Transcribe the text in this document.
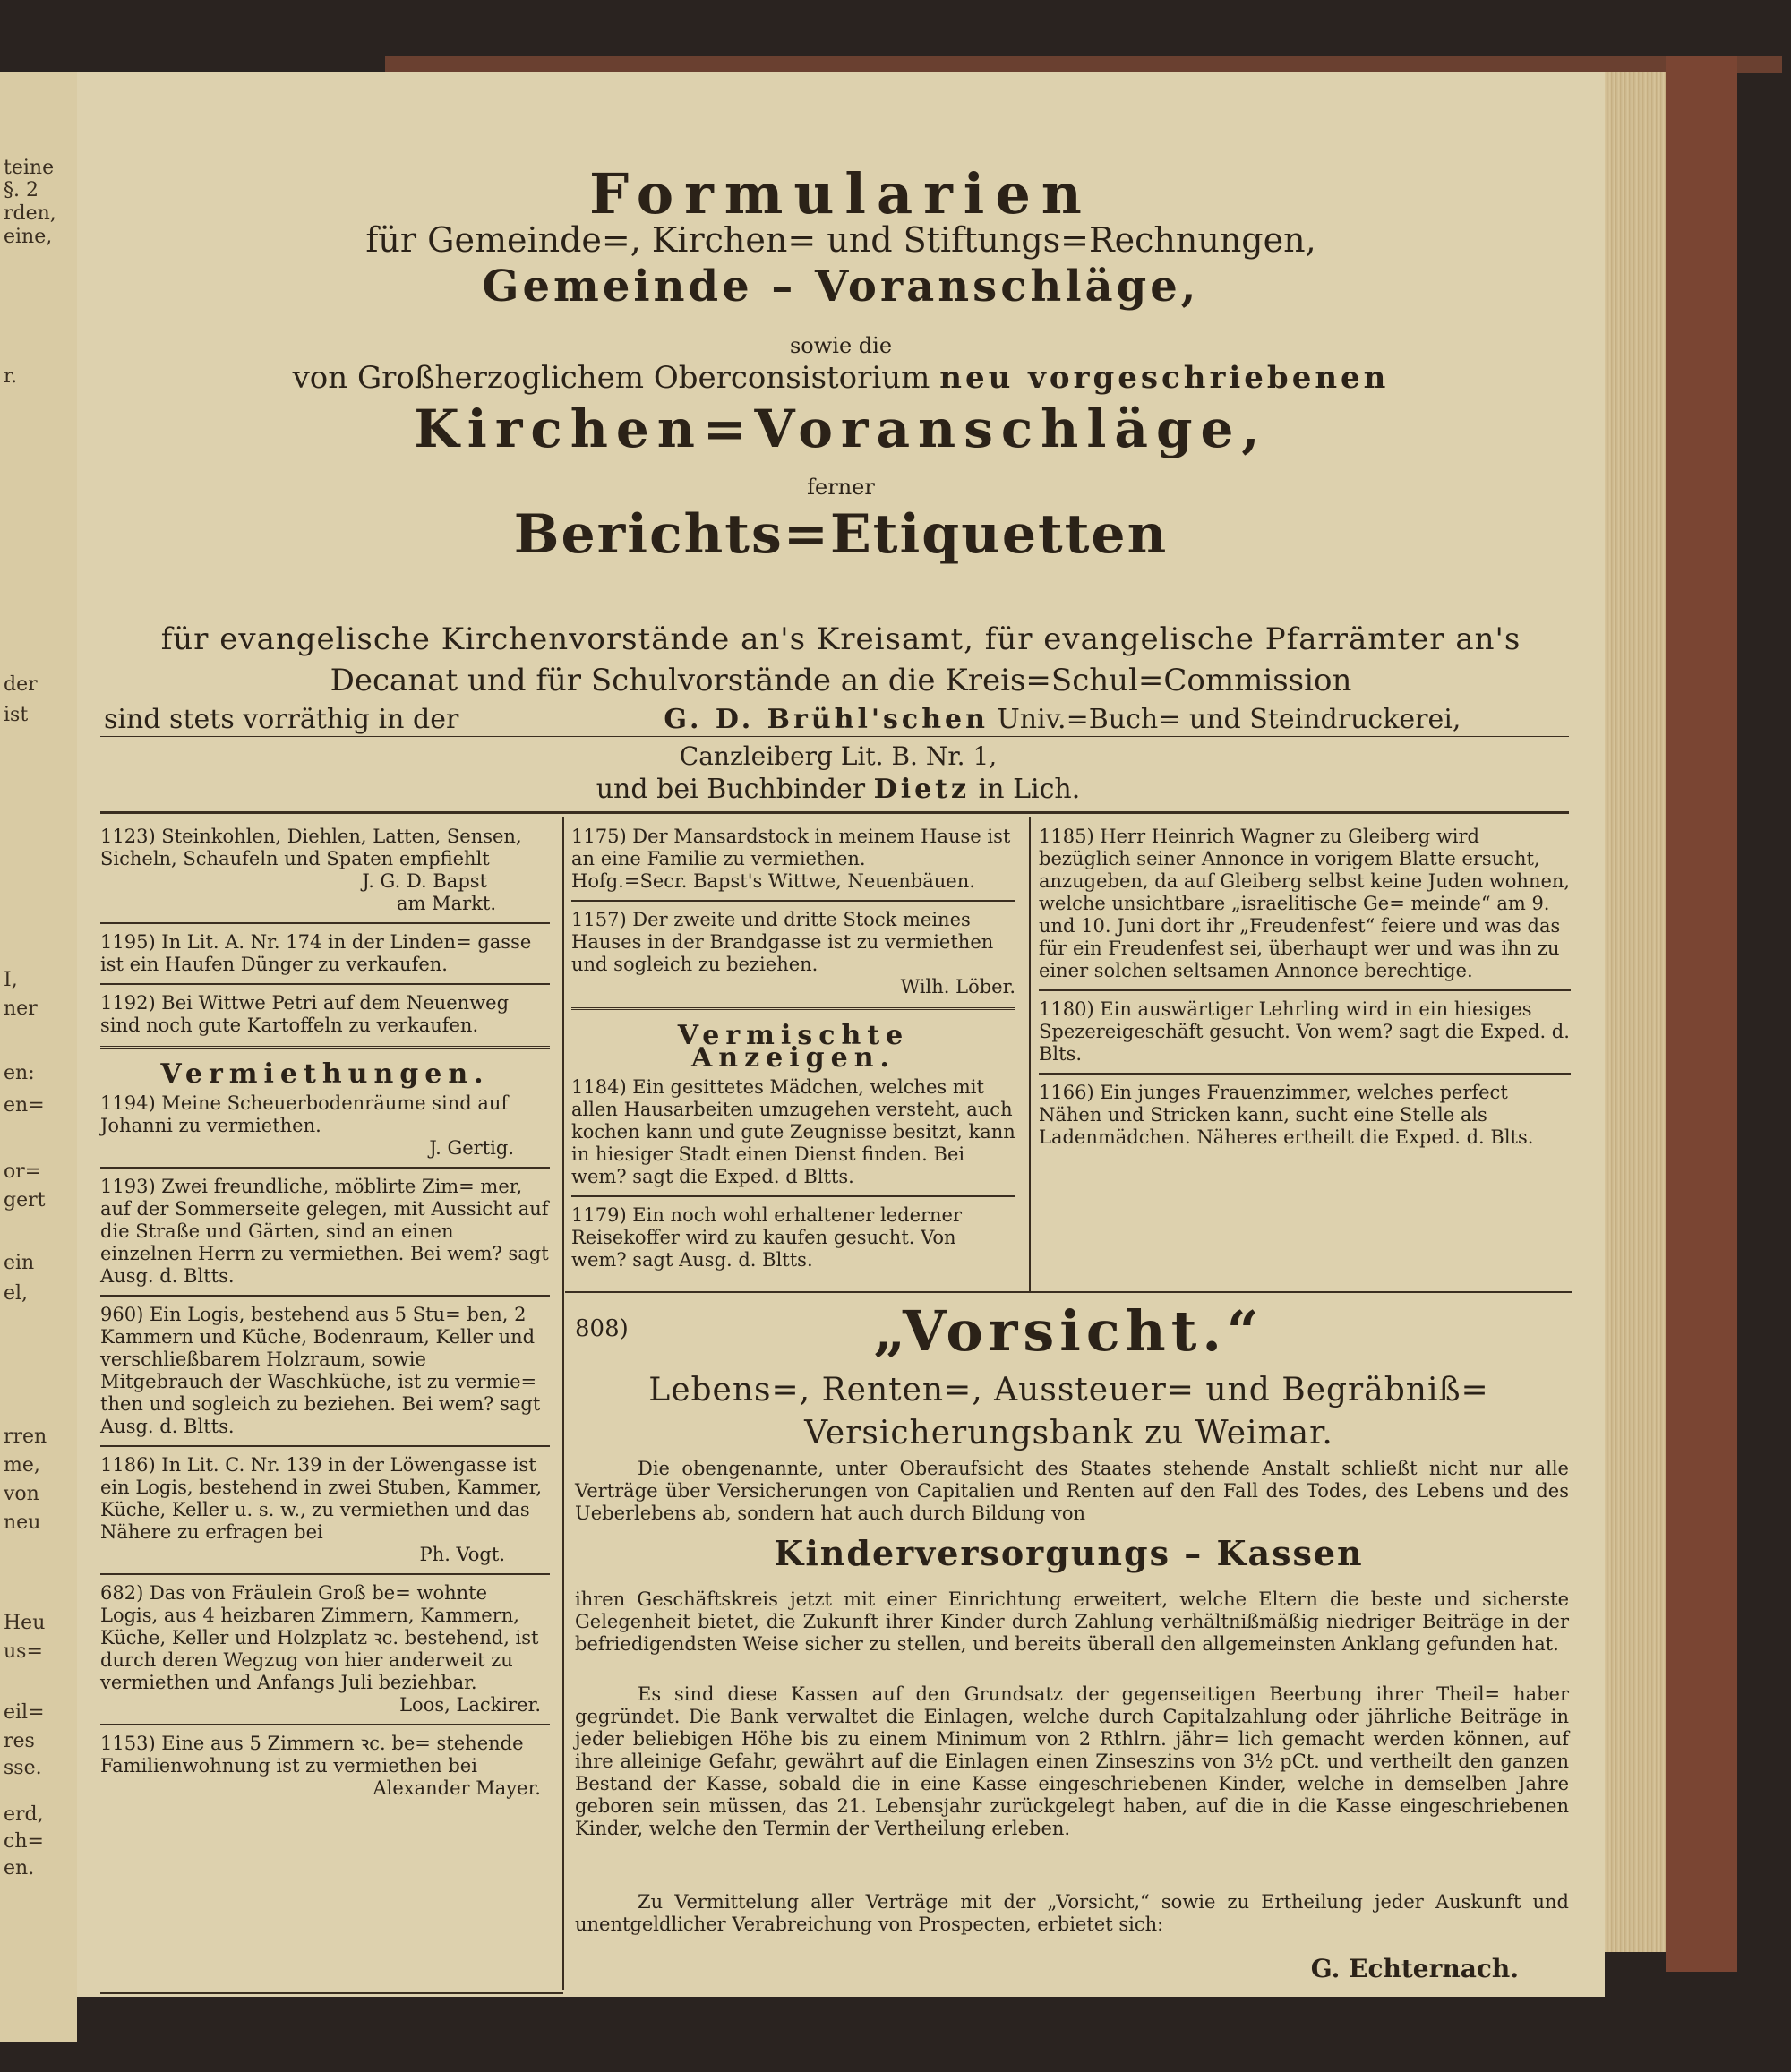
teine
§. 2
rden,
eine,
r.
der
ist
I,
ner
en:
en=
or=
gert
ein
el,
rren
me,
von
neu
Heu
us=
eil=
res
sse.
erd,
ch=
en.
Formularien
für Gemeinde=, Kirchen= und Stiftungs=Rechnungen,
Gemeinde – Voranschläge,
sowie die
von Großherzoglichem Oberconsistorium neu vorgeschriebenen
Kirchen=Voranschläge,
ferner
Berichts=Etiquetten
für evangelische Kirchenvorstände an's Kreisamt, für evangelische Pfarrämter an's
Decanat und für Schulvorstände an die Kreis=Schul=Commission
sind stets vorräthig in der	G. D. Brühl'schen Univ.=Buch= und Steindruckerei,
Canzleiberg Lit. B. Nr. 1,
und bei Buchbinder Dietz in Lich.
1123) Steinkohlen, Diehlen, Latten, Sensen, Sicheln, Schaufeln und Spaten empfiehlt
J. G. D. Bapst
am Markt.
1195) In Lit. A. Nr. 174 in der Linden= gasse ist ein Haufen Dünger zu verkaufen.
1192) Bei Wittwe Petri auf dem Neuenweg sind noch gute Kartoffeln zu verkaufen.
Vermiethungen.
1194) Meine Scheuerbodenräume sind auf Johanni zu vermiethen.
J. Gertig.
1193) Zwei freundliche, möblirte Zim= mer, auf der Sommerseite gelegen, mit Aussicht auf die Straße und Gärten, sind an einen einzelnen Herrn zu vermiethen. Bei wem? sagt Ausg. d. Bltts.
960) Ein Logis, bestehend aus 5 Stu= ben, 2 Kammern und Küche, Bodenraum, Keller und verschließbarem Holzraum, sowie Mitgebrauch der Waschküche, ist zu vermie= then und sogleich zu beziehen. Bei wem? sagt Ausg. d. Bltts.
1186) In Lit. C. Nr. 139 in der Löwengasse ist ein Logis, bestehend in zwei Stuben, Kammer, Küche, Keller u. s. w., zu vermiethen und das Nähere zu erfragen bei
Ph. Vogt.
682) Das von Fräulein Groß be= wohnte Logis, aus 4 heizbaren Zimmern, Kammern, Küche, Keller und Holzplatz ꝛc. bestehend, ist durch deren Wegzug von hier anderweit zu vermiethen und Anfangs Juli beziehbar.
Loos, Lackirer.
1153) Eine aus 5 Zimmern ꝛc. be= stehende Familienwohnung ist zu vermiethen bei
Alexander Mayer.
1175) Der Mansardstock in meinem Hause ist an eine Familie zu vermiethen.
Hofg.=Secr. Bapst's Wittwe, Neuenbäuen.
1157) Der zweite und dritte Stock meines Hauses in der Brandgasse ist zu vermiethen und sogleich zu beziehen.
Wilh. Löber.
Vermischte Anzeigen.
1184) Ein gesittetes Mädchen, welches mit allen Hausarbeiten umzugehen versteht, auch kochen kann und gute Zeugnisse besitzt, kann in hiesiger Stadt einen Dienst finden. Bei wem? sagt die Exped. d Bltts.
1179) Ein noch wohl erhaltener lederner Reisekoffer wird zu kaufen gesucht. Von wem? sagt Ausg. d. Bltts.
1185) Herr Heinrich Wagner zu Gleiberg wird bezüglich seiner Annonce in vorigem Blatte ersucht, anzugeben, da auf Gleiberg selbst keine Juden wohnen, welche unsichtbare „israelitische Ge= meinde“ am 9. und 10. Juni dort ihr „Freudenfest“ feiere und was das für ein Freudenfest sei, überhaupt wer und was ihn zu einer solchen seltsamen Annonce berechtige.
1180) Ein auswärtiger Lehrling wird in ein hiesiges Spezereigeschäft gesucht. Von wem? sagt die Exped. d. Blts.
1166) Ein junges Frauenzimmer, welches perfect Nähen und Stricken kann, sucht eine Stelle als Ladenmädchen. Näheres ertheilt die Exped. d. Blts.
808)	„Vorsicht.“
Lebens=, Renten=, Aussteuer= und Begräbniß=
Versicherungsbank zu Weimar.
Die obengenannte, unter Oberaufsicht des Staates stehende Anstalt schließt nicht nur alle Verträge über Versicherungen von Capitalien und Renten auf den Fall des Todes, des Lebens und des Ueberlebens ab, sondern hat auch durch Bildung von
Kinderversorgungs – Kassen
ihren Geschäftskreis jetzt mit einer Einrichtung erweitert, welche Eltern die beste und sicherste Gelegenheit bietet, die Zukunft ihrer Kinder durch Zahlung verhältnißmäßig niedriger Beiträge in der befriedigendsten Weise sicher zu stellen, und bereits überall den allgemeinsten Anklang gefunden hat.
Es sind diese Kassen auf den Grundsatz der gegenseitigen Beerbung ihrer Theil= haber gegründet. Die Bank verwaltet die Einlagen, welche durch Capitalzahlung oder jährliche Beiträge in jeder beliebigen Höhe bis zu einem Minimum von 2 Rthlrn. jähr= lich gemacht werden können, auf ihre alleinige Gefahr, gewährt auf die Einlagen einen Zinseszins von 3½ pCt. und vertheilt den ganzen Bestand der Kasse, sobald die in eine Kasse eingeschriebenen Kinder, welche in demselben Jahre geboren sein müssen, das 21. Lebensjahr zurückgelegt haben, auf die in die Kasse eingeschriebenen Kinder, welche den Termin der Vertheilung erleben.
Zu Vermittelung aller Verträge mit der „Vorsicht,“ sowie zu Ertheilung jeder Auskunft und unentgeldlicher Verabreichung von Prospecten, erbietet sich:
G. Echternach.
